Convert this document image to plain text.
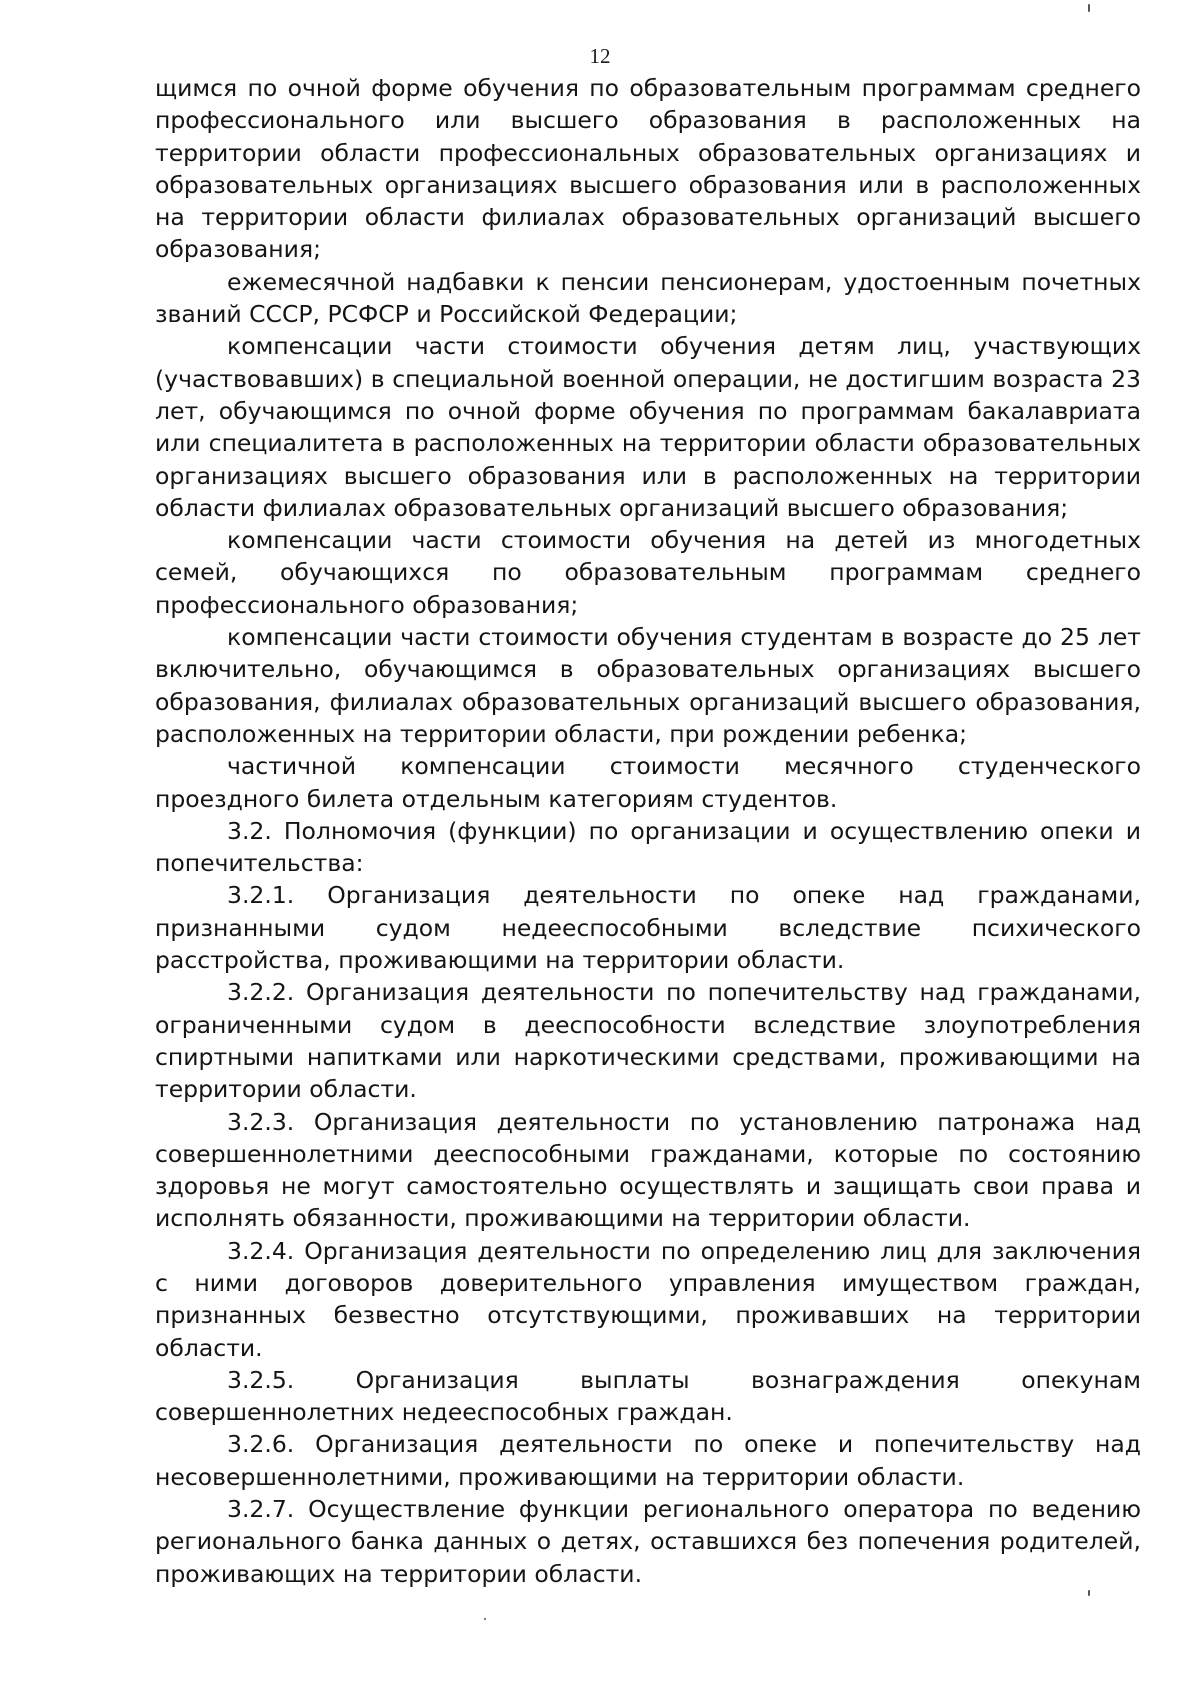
12

щимся по очной форме обучения по образовательным программам среднего профессионального или высшего образования в расположенных на территории области профессиональных образовательных организациях и образовательных организациях высшего образования или в расположенных на территории области филиалах образовательных организаций высшего образования;

ежемесячной надбавки к пенсии пенсионерам, удостоенным почетных званий СССР, РСФСР и Российской Федерации;

компенсации части стоимости обучения детям лиц, участвующих (участвовавших) в специальной военной операции, не достигшим возраста 23 лет, обучающимся по очной форме обучения по программам бакалавриата или специалитета в расположенных на территории области образовательных организациях высшего образования или в расположенных на территории области филиалах образовательных организаций высшего образования;

компенсации части стоимости обучения на детей из многодетных семей, обучающихся по образовательным программам среднего профессионального образования;

компенсации части стоимости обучения студентам в возрасте до 25 лет включительно, обучающимся в образовательных организациях высшего образования, филиалах образовательных организаций высшего образования, расположенных на территории области, при рождении ребенка;

частичной компенсации стоимости месячного студенческого проездного билета отдельным категориям студентов.

3.2. Полномочия (функции) по организации и осуществлению опеки и попечительства:

3.2.1. Организация деятельности по опеке над гражданами, признанными судом недееспособными вследствие психического расстройства, проживающими на территории области.

3.2.2. Организация деятельности по попечительству над гражданами, ограниченными судом в дееспособности вследствие злоупотребления спиртными напитками или наркотическими средствами, проживающими на территории области.

3.2.3. Организация деятельности по установлению патронажа над совершеннолетними дееспособными гражданами, которые по состоянию здоровья не могут самостоятельно осуществлять и защищать свои права и исполнять обязанности, проживающими на территории области.

3.2.4. Организация деятельности по определению лиц для заключения с ними договоров доверительного управления имуществом граждан, признанных безвестно отсутствующими, проживавших на территории области.

3.2.5. Организация выплаты вознаграждения опекунам совершеннолетних недееспособных граждан.

3.2.6. Организация деятельности по опеке и попечительству над несовершеннолетними, проживающими на территории области.

3.2.7. Осуществление функции регионального оператора по ведению регионального банка данных о детях, оставшихся без попечения родителей, проживающих на территории области.
